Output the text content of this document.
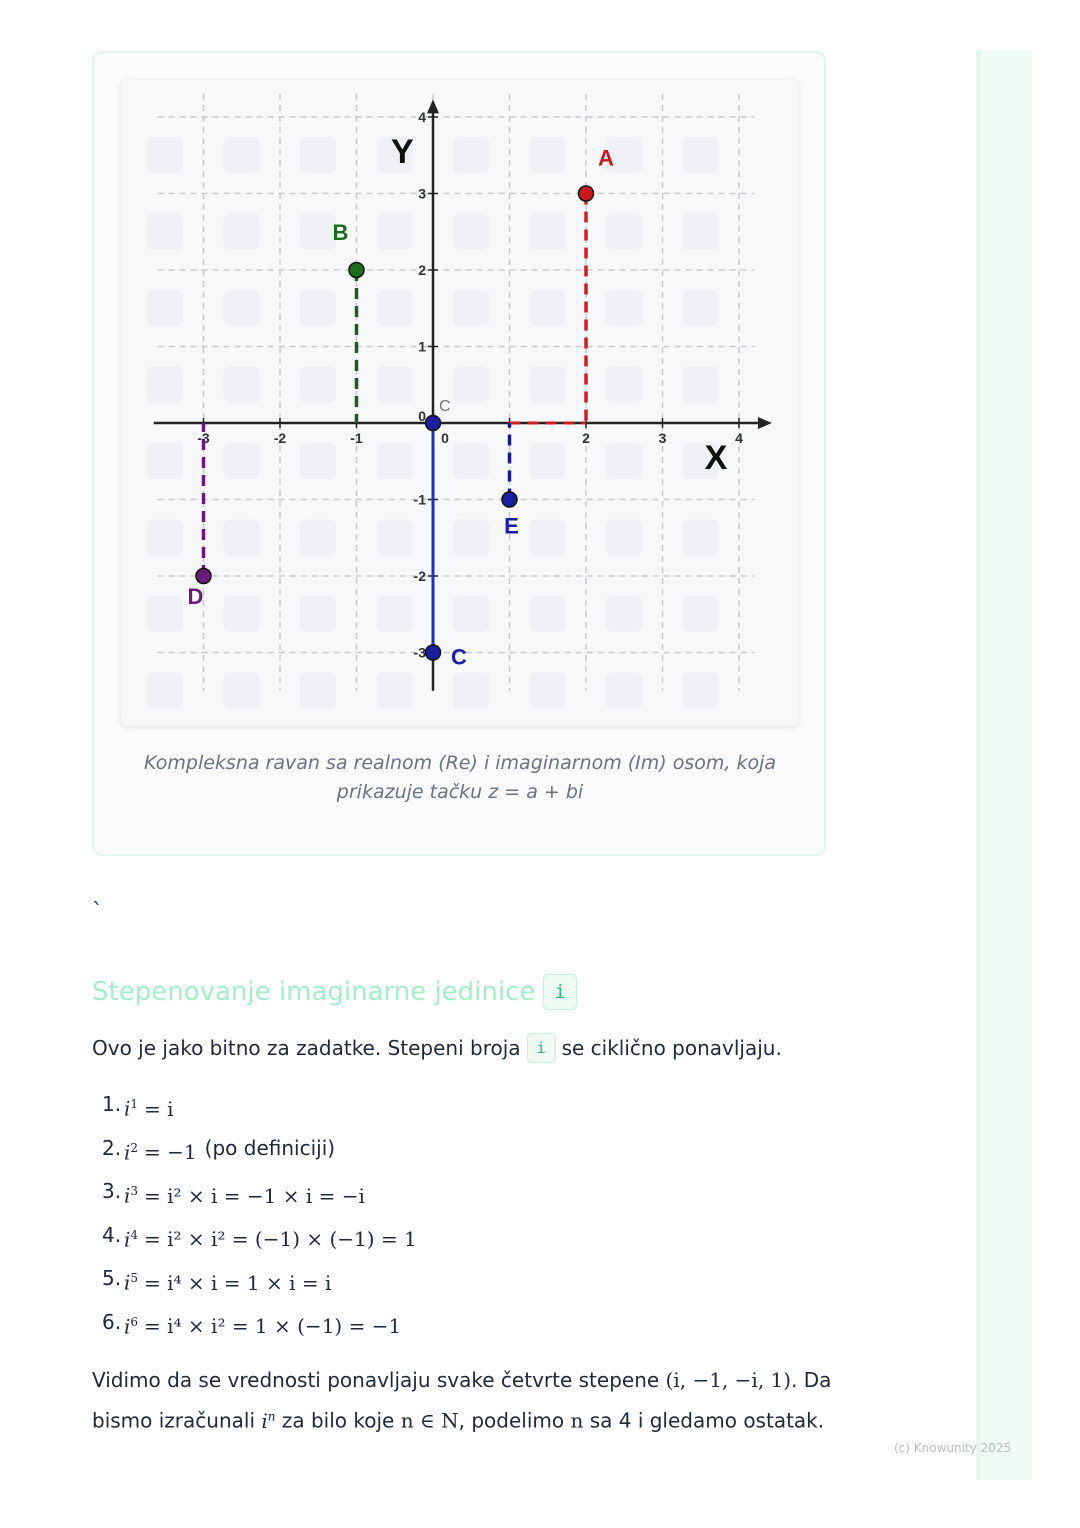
-3	-2	-1	0	2	3	4
4
3
2
1
0
-1
-2
-3
Y
X
C
A
B
C
D
E
Kompleksna ravan sa realnom (Re) i imaginarnom (Im) osom, koja prikazuje tačku z = a + bi
`
Stepenovanje imaginarne jedinice	i
Ovo je jako bitno za zadatke. Stepeni broja	i se ciklično ponavljaju.
1. $i^1 = i$
2. $i^2 = -1$ (po definiciji)
3. $i^3 = i^2 \times i = -1 \times i = -i$
4. $i^4 = i^2 \times i^2 = (-1) \times (-1) = 1$
5. $i^5 = i^4 \times i = 1 \times i = i$
6. $i^6 = i^4 \times i^2 = 1 \times (-1) = -1$
Vidimo da se vrednosti ponavljaju svake četvrte stepene (i, −1, −i, 1). Da bismo izračunali $i^n$ za bilo koje n ∈ N, podelimo n sa 4 i gledamo ostatak.
(c) Knowunity 2025
